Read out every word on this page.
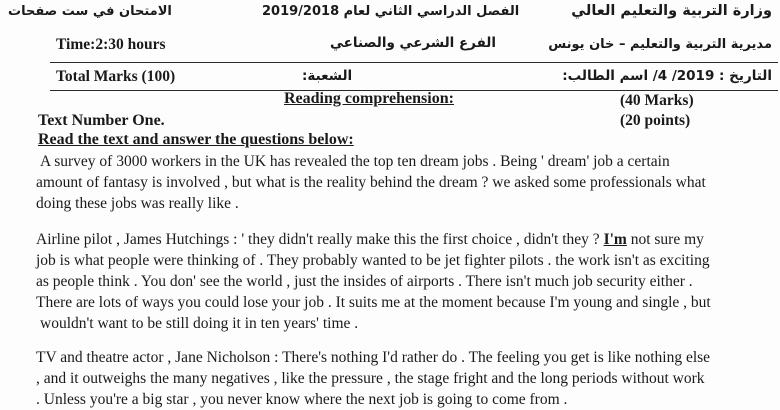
الامتحان في ست صفحات	الفصل الدراسي الثاني لعام 2019/2018	وزارة التربية والتعليم العالي
Time:2:30 hours	الفرع الشرعي والصناعي	مديرية التربية والتعليم – خان يونس
Total Marks (100)	الشعبة:	التاريخ : 2019/ 4/ اسم الطالب:
Reading comprehension:	(40 Marks)
Text Number One.	(20 points)
Read the text and answer the questions below:
A survey of 3000 workers in the UK has revealed the top ten dream jobs . Being ' dream' job a certain
amount of fantasy is involved , but what is the reality behind the dream ? we asked some professionals what
doing these jobs was really like .
Airline pilot , James Hutchings : ' they didn't really make this the first choice , didn't they ? I'm not sure my
job is what people were thinking of . They probably wanted to be jet fighter pilots . the work isn't as exciting
as people think . You don' see the world , just the insides of airports . There isn't much job security either .
There are lots of ways you could lose your job . It suits me at the moment because I'm young and single , but
wouldn't want to be still doing it in ten years' time .
TV and theatre actor , Jane Nicholson : There's nothing I'd rather do . The feeling you get is like nothing else
, and it outweighs the many negatives , like the pressure , the stage fright and the long periods without work
. Unless you're a big star , you never know where the next job is going to come from .
